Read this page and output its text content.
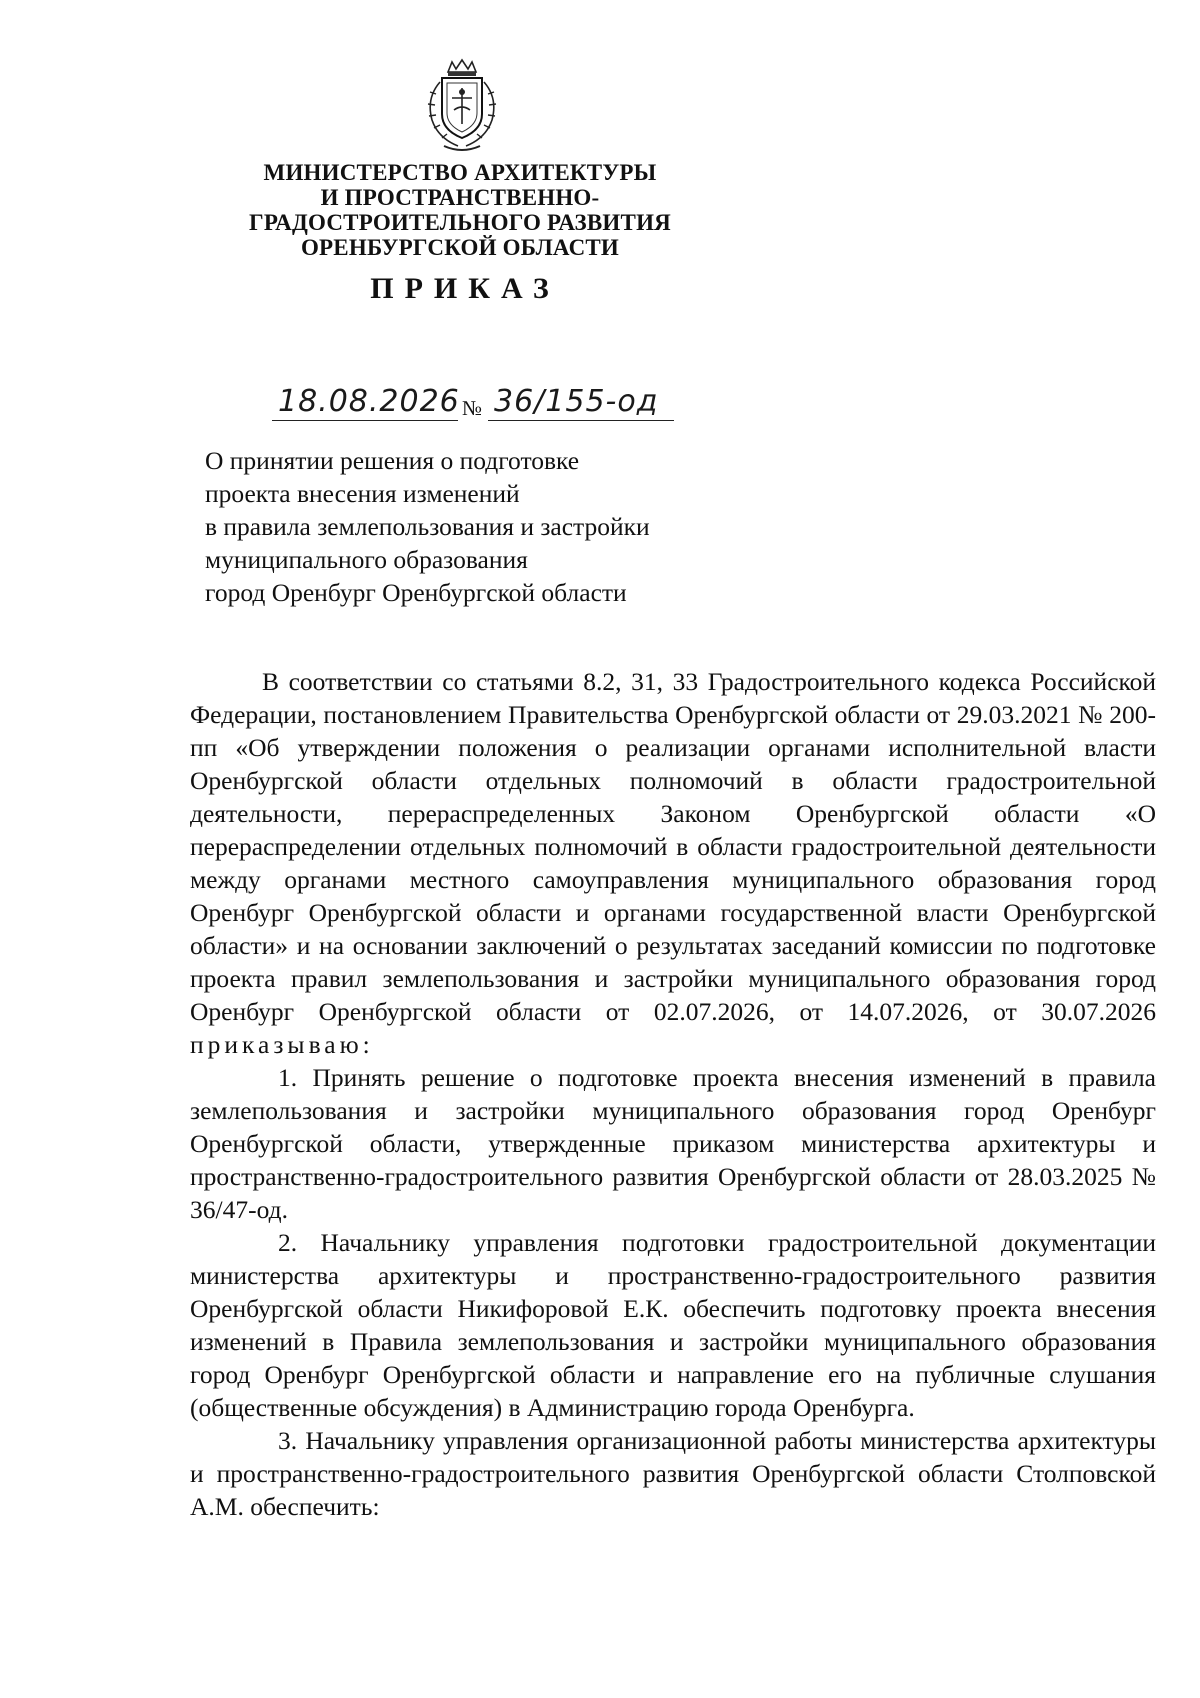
МИНИСТЕРСТВО АРХИТЕКТУРЫ
И ПРОСТРАНСТВЕННО-
ГРАДОСТРОИТЕЛЬНОГО РАЗВИТИЯ
ОРЕНБУРГСКОЙ ОБЛАСТИ
ПРИКАЗ
18.08.2026 № 36/155-од
О принятии решения о подготовке
проекта внесения изменений
в правила землепользования и застройки
муниципального образования
город Оренбург Оренбургской области

В соответствии со статьями 8.2, 31, 33 Градостроительного кодекса Российской Федерации, постановлением Правительства Оренбургской области от 29.03.2021 № 200-пп «Об утверждении положения о реализации органами исполнительной власти Оренбургской области отдельных полномочий в области градостроительной деятельности, перераспределенных Законом Оренбургской области «О перераспределении отдельных полномочий в области градостроительной деятельности между органами местного самоуправления муниципального образования город Оренбург Оренбургской области и органами государственной власти Оренбургской области» и на основании заключений о результатах заседаний комиссии по подготовке проекта правил землепользования и застройки муниципального образования город Оренбург Оренбургской области от 02.07.2026, от 14.07.2026, от 30.07.2026 приказываю:

1. Принять решение о подготовке проекта внесения изменений в правила землепользования и застройки муниципального образования город Оренбург Оренбургской области, утвержденные приказом министерства архитектуры и пространственно-градостроительного развития Оренбургской области от 28.03.2025 № 36/47-од.

2. Начальнику управления подготовки градостроительной документации министерства архитектуры и пространственно-градостроительного развития Оренбургской области Никифоровой Е.К. обеспечить подготовку проекта внесения изменений в Правила землепользования и застройки муниципального образования город Оренбург Оренбургской области и направление его на публичные слушания (общественные обсуждения) в Администрацию города Оренбурга.

3. Начальнику управления организационной работы министерства архитектуры и пространственно-градостроительного развития Оренбургской области Столповской А.М. обеспечить:
